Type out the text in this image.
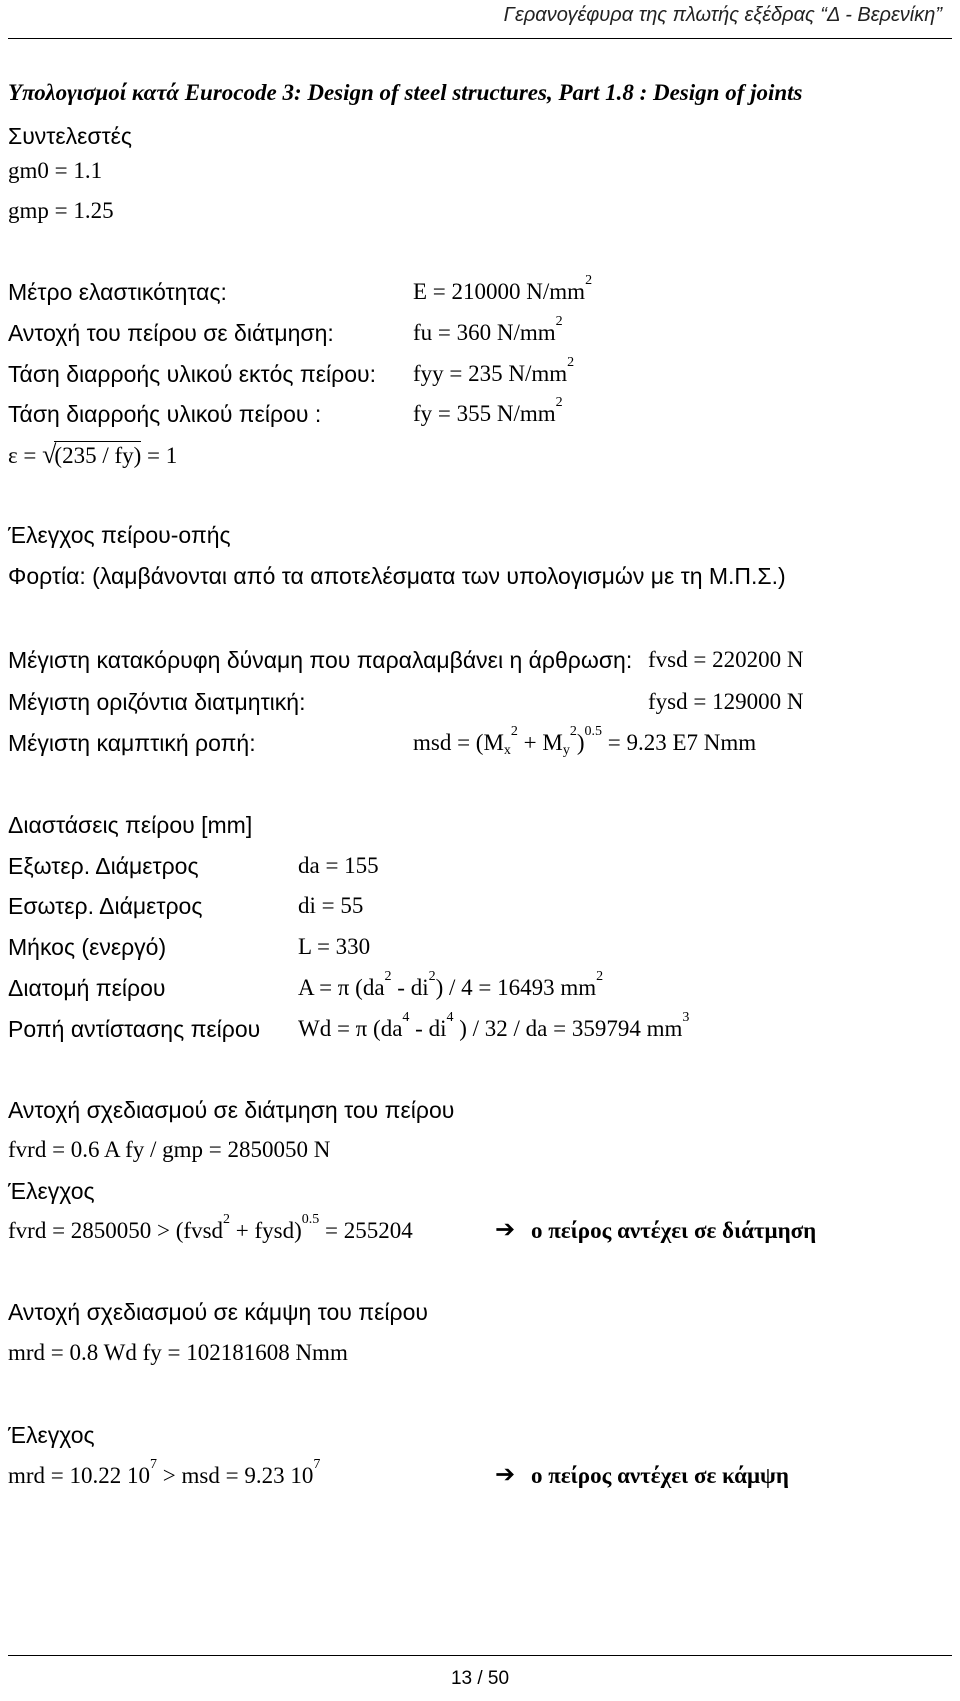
Γερανογέφυρα της πλωτής εξέδρας “Δ - Βερενίκη”
Υπολογισμοί κατά Eurocode 3: Design of steel structures, Part 1.8 : Design of joints
Συντελεστές
gm0 = 1.1
gmp = 1.25
Μέτρο ελαστικότητας:	E = 210000 $N/mm^2$
Αντοχή του πείρου σε διάτμηση:	fu = 360 $N/mm^2$
Τάση διαρροής υλικού εκτός πείρου: fyy = 235 $N/mm^2$
Τάση διαρροής υλικού πείρου :	fy = 355 $N/mm^2$
ε = √(235 / fy) = 1
Έλεγχος πείρου-οπής
Φορτία: (λαμβάνονται από τα αποτελέσματα των υπολογισμών με τη Μ.Π.Σ.)
Μέγιστη κατακόρυφη δύναμη που παραλαμβάνει η άρθρωση: fvsd = 220200 N
Μέγιστη οριζόντια διατμητική:	fysd = 129000 N
Μέγιστη καμπτική ροπή:	msd = $(M_x^2 + M_y^2)^{0.5} = 9.23$ E7 Nmm
Διαστάσεις πείρου [mm]
Εξωτερ. Διάμετρος	da = 155
Εσωτερ. Διάμετρος	di = 55
Μήκος (ενεργό)	L = 330
Διατομή πείρου	A = π $(da^2 - di^2) / 4 = 16493$ $mm^2$
Ροπή αντίστασης πείρου Wd = π ($da^4 - di^4$ ) / 32 / da = 359794 $mm^3$
Αντοχή σχεδιασμού σε διάτμηση του πείρου
fvrd = 0.6 A fy / gmp = 2850050 N
Έλεγχος
fvrd = 2850050 > (fvsd$^2$ + fysd)$^{0.5}$ = 255204	➔ ο πείρος αντέχει σε διάτμηση
Αντοχή σχεδιασμού σε κάμψη του πείρου
mrd = 0.8 Wd fy = 102181608 Nmm
Έλεγχος
mrd = 10.22 $10^7$ > msd = 9.23 $10^7$	➔ ο πείρος αντέχει σε κάμψη
13 / 50
